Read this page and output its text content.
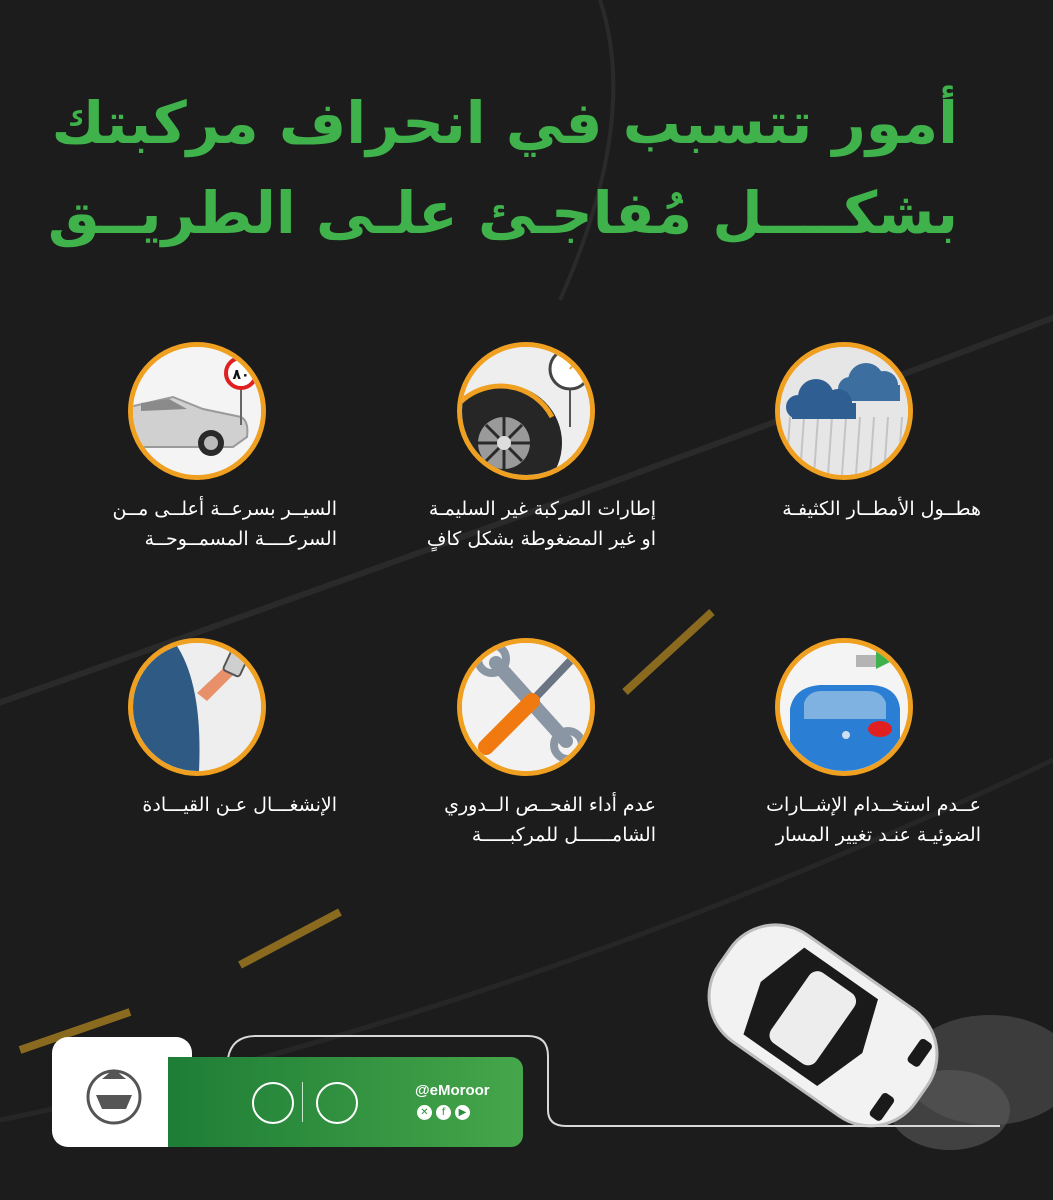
أمور تتسبب في انحراف مركبتك
بشكــــل مُفاجـئ علـى الطريــق
هطــول الأمطــار الكثيفـة
إطارات المركبة غير السليمـة
او غير المضغوطة بشكل كافٍ
٨٠
السيــر بسرعــة أعلــى مــن
السرعــــة المسمــوحــة
عــدم استخــدام الإشــارات
الضوئيـة عنـد تغيير المسار
عدم أداء الفحــص الــدوري
الشامــــــل للمركبـــــة
الإنشغـــال عـن القيـــادة
@eMoroor
✕	f	▶
